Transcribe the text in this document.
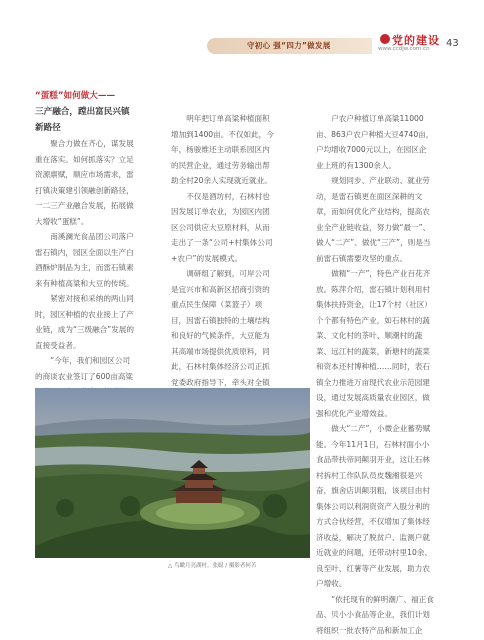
守初心 强“四力”做发展	党的建设
www.ccdjw.com.cn 43
“蛋糕”如何做大——
三产融合，蹚出富民兴镇新路径

聚合力做在齐心，谋发展重在落实。如何抓落实？立足资源禀赋，顺应市场需求，雷打镇决策建引领融创新路径，一二三产业融合发展，拓展做大增收“蛋糕”。

南溪澜光食品团公司落户雷石镇内，园区全面以生产白酒酥炉制品为主，而雷石镇素来有种植高粱和大豆的传统。

紧密对接和采纳的两山同时，园区种植的农业接上了产业链，成为“三级融合”发展的直接受益者。

“今年，我们和园区公司的商谈农业签订了600亩高粱

明年把订单高粱种植面积增加到1400亩。不仅如此，今年，杨骏维还主动联系园区内的民营企业，通过劳务输出帮助全村20余人实现就近就业。

不仅是酒坊村，石林村也因发展订单农业，为园区内团区公司供应大豆原材料，从而走出了一条“公司+村集体公司+农户”的发展模式。

调研组了解到，可岸公司是宜兴市和高新区招商引资的重点民生保障（菜篮子）项目，因雷石镇独特的土壤结构和良好的气候条件，大豆能为其高端市场提供优质原料，同此，石林村集体经济公司正抓党委政府指导下，牵头对全镇

户农户种植订单高粱11000亩、863户农户种植大豆4740亩，户均增收7000元以上，在园区企业上班的有1300余人。

规划同步、产业联动、就业劳动，是雷石镇更在面区深耕的文章，而如何优化产业结构，提高农业全产业链收益，努力做“最一”、做人“二产”、做优“三产”，则是当前雷石镇需要攻坚的重点。

做精“一产”，特色产业百花齐放。陈萍介绍，雷石镇计划利用村集体扶持资金，让17个村（社区）个个都有特色产业，如石林村的蔬菜、文化村的茶叶、顺潮村的蔬菜、远江村的蔬菜，新塘村的蔬菜和资本还村博种植……同时，表石镇全力推进万亩现代农业示范园建设，通过发展高质量农业园区，做强和优化产业增效益。

做大“二产”，小微企业蓄势赋能。今年11月1日，石林村面小小食品带扶帝同颠羽开业，这让石林村拆村工作队队员皮魏湘很是兴奋，旗舍店训颠羽粗，该项目由村集体公司以利润资资产入股分利的方式合伙经营，不仅增加了集体经济收益，解决了脱贫户、监测户就近就业的问题，还带动村里10余、良至叶、红薯等产业发展，助力农户增收。

“依托现有的鲜明潮广、福正食品、贝小小食品等企业，我们计划将组织一批农特产品和新加工企

△ 鸟瞰月亮湖村。张聪 / 摄影者何苦
